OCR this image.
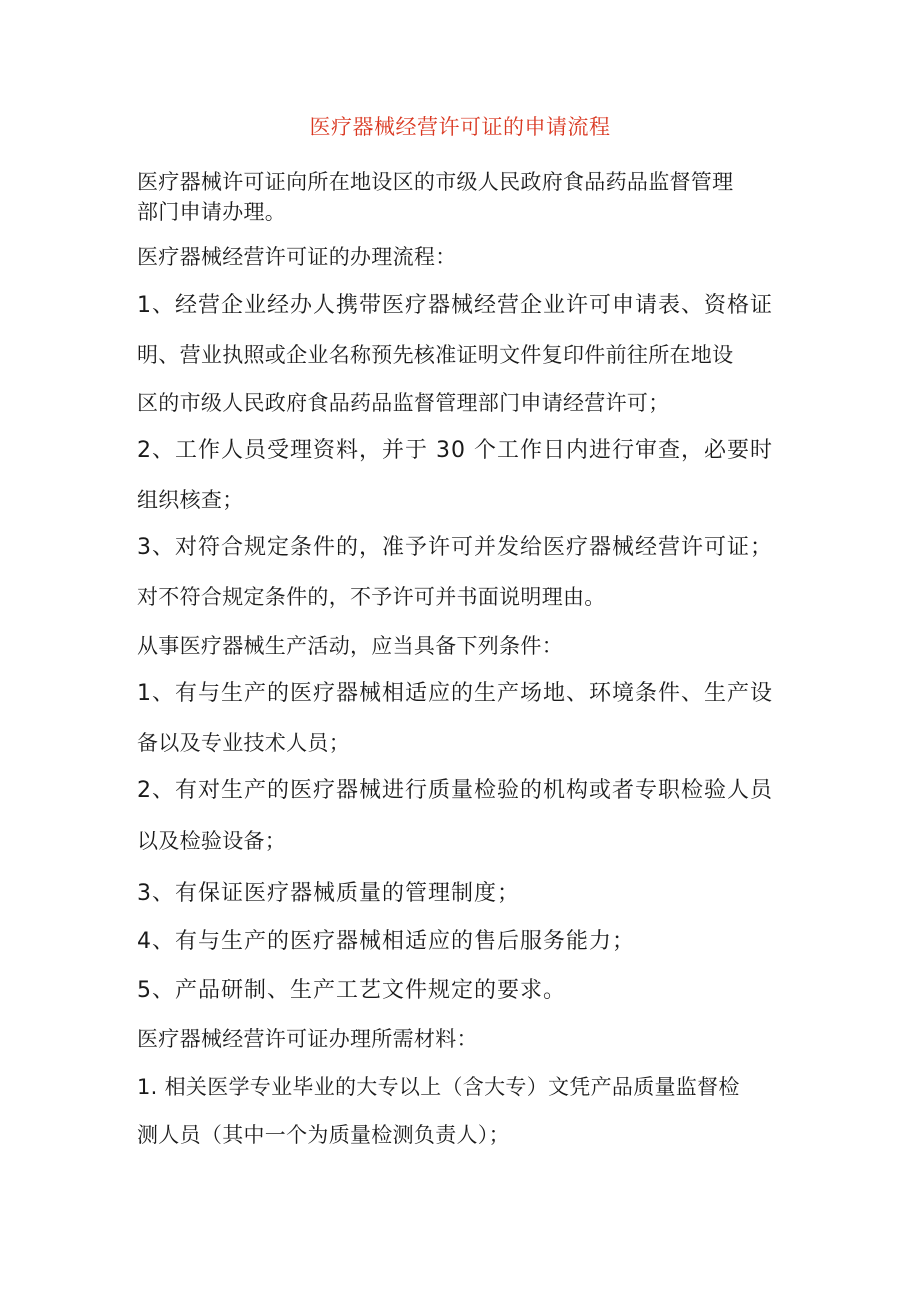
医疗器械经营许可证的申请流程
医疗器械许可证向所在地设区的市级人民政府食品药品监督管理
部门申请办理。
医疗器械经营许可证的办理流程：
1、经营企业经办人携带医疗器械经营企业许可申请表、资格证
明、营业执照或企业名称预先核准证明文件复印件前往所在地设
区的市级人民政府食品药品监督管理部门申请经营许可；
2、工作人员受理资料，并于 30 个工作日内进行审查，必要时
组织核查；
3、对符合规定条件的，准予许可并发给医疗器械经营许可证；
对不符合规定条件的，不予许可并书面说明理由。
从事医疗器械生产活动，应当具备下列条件：
1、有与生产的医疗器械相适应的生产场地、环境条件、生产设
备以及专业技术人员；
2、有对生产的医疗器械进行质量检验的机构或者专职检验人员
以及检验设备；
3、有保证医疗器械质量的管理制度；
4、有与生产的医疗器械相适应的售后服务能力；
5、产品研制、生产工艺文件规定的要求。
医疗器械经营许可证办理所需材料：
1. 相关医学专业毕业的大专以上（含大专）文凭产品质量监督检
测人员（其中一个为质量检测负责人）；
